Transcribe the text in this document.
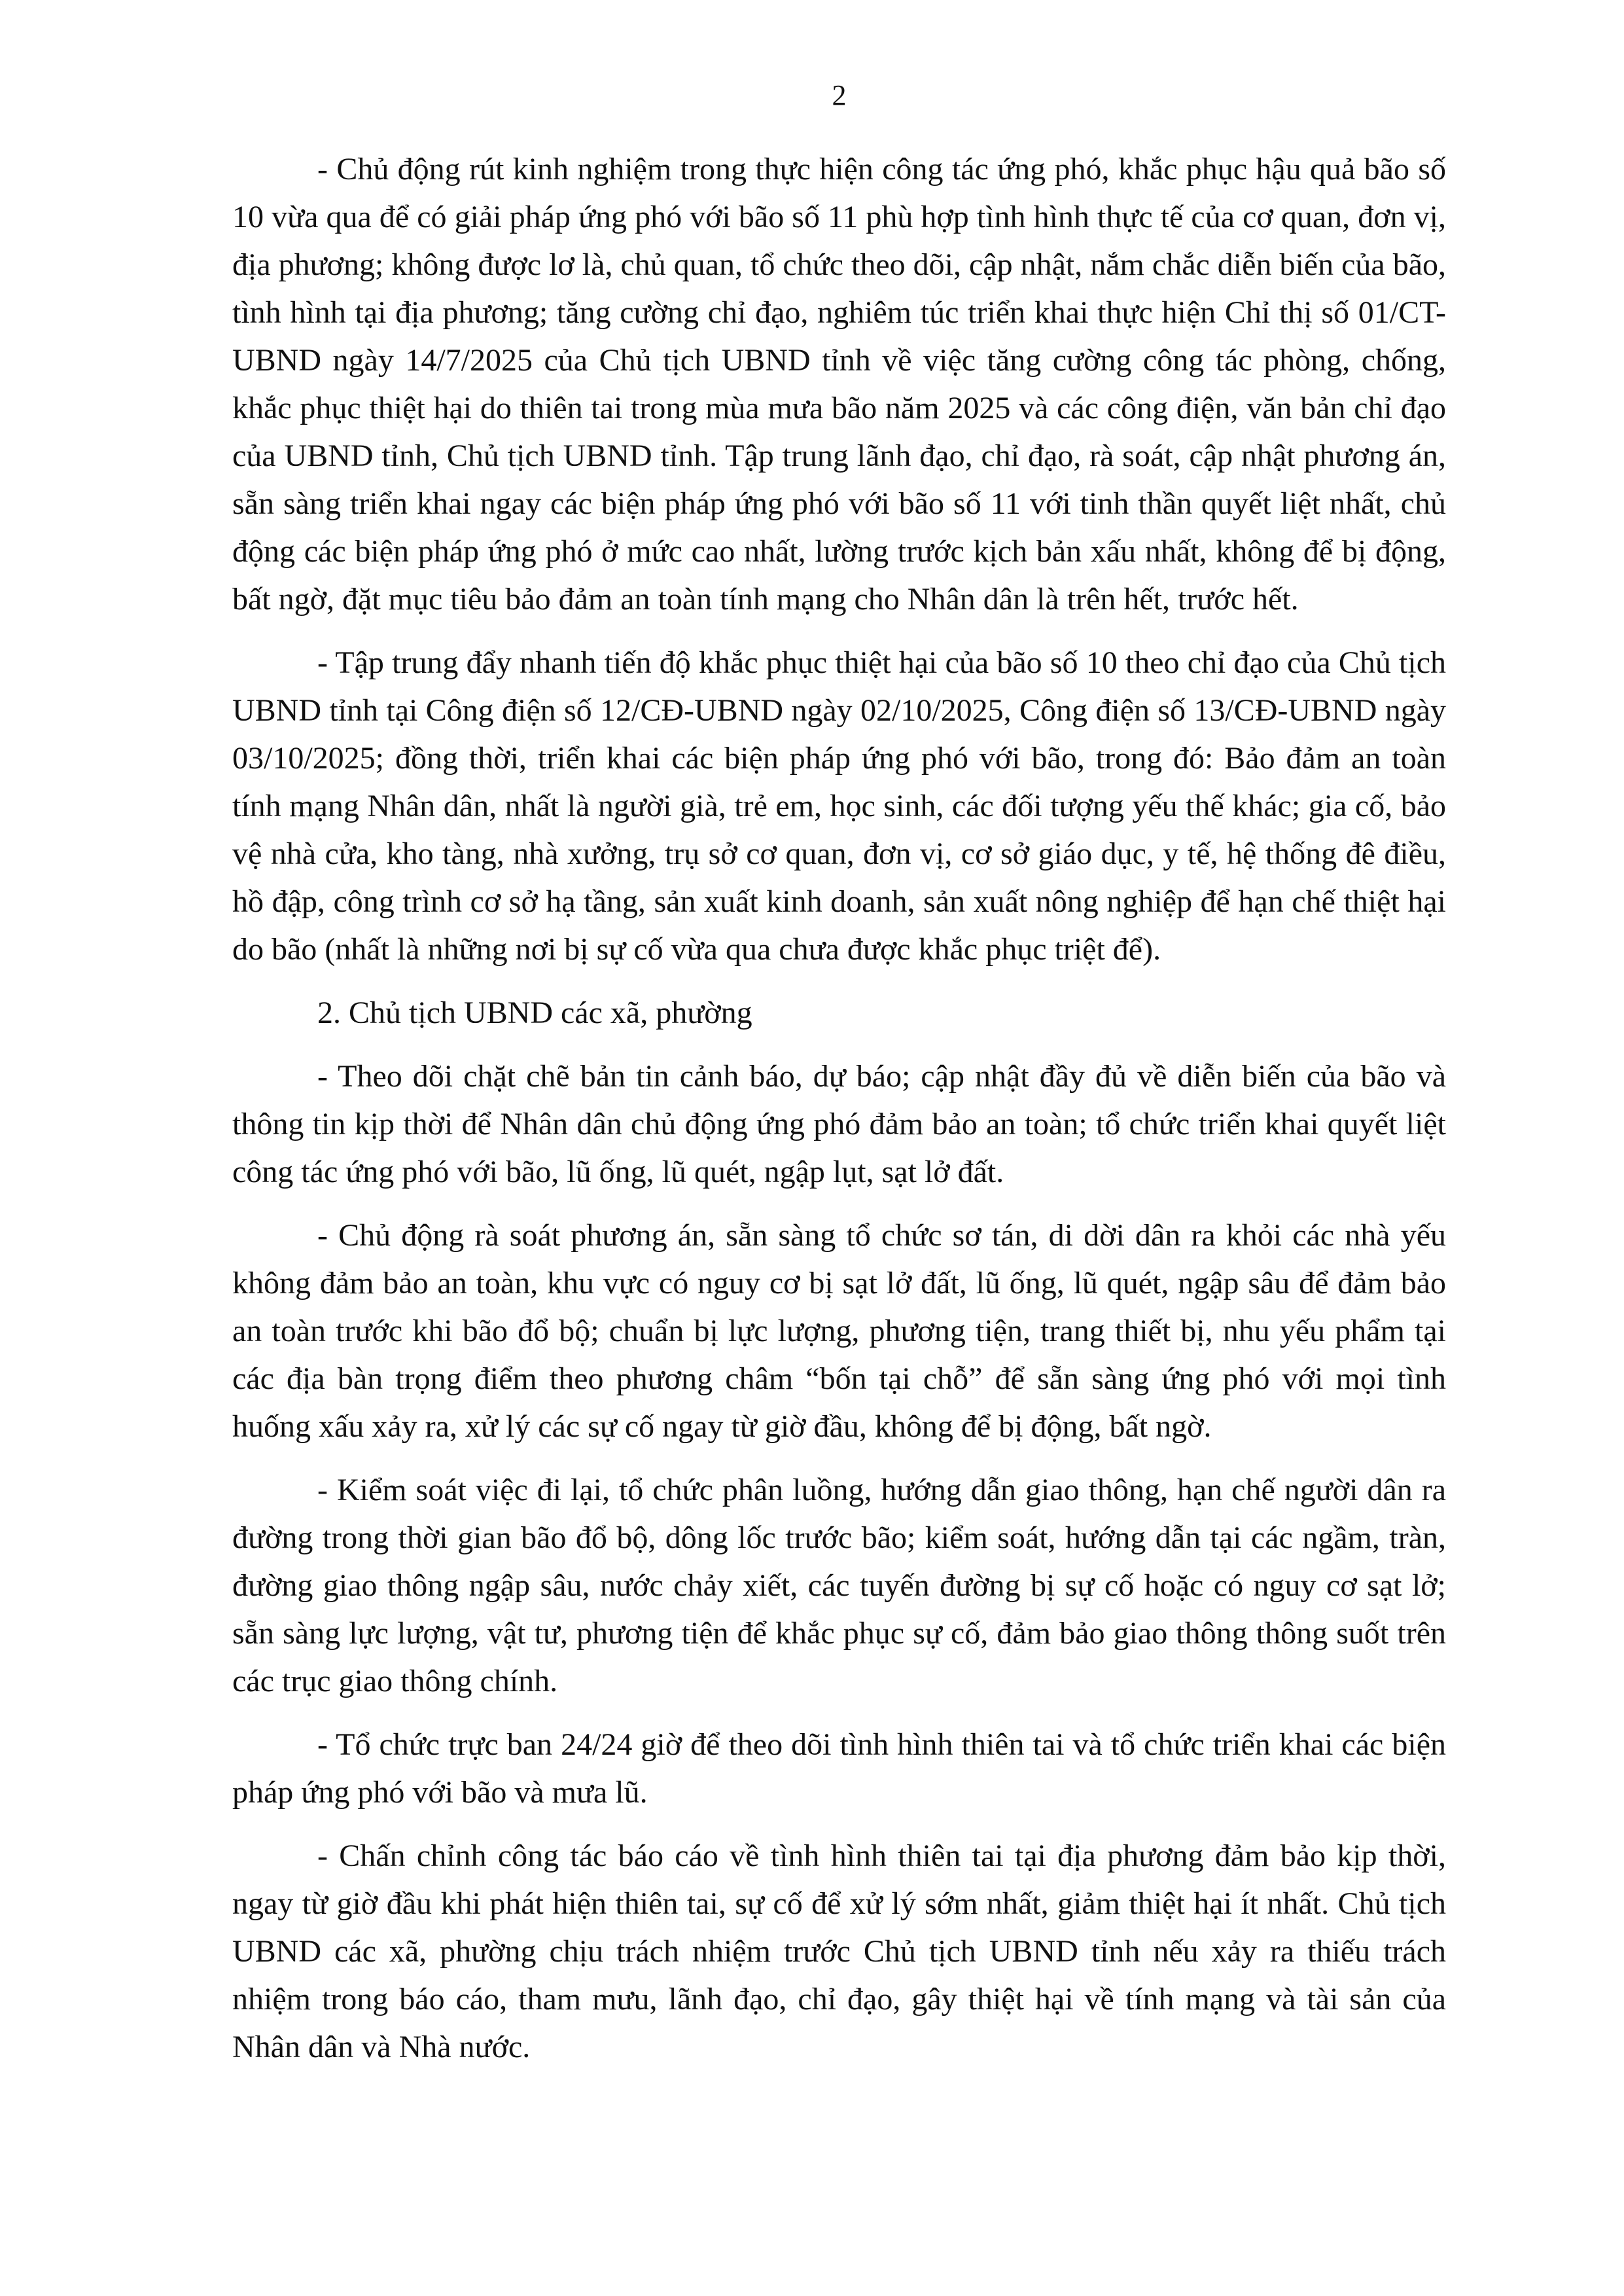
2

- Chủ động rút kinh nghiệm trong thực hiện công tác ứng phó, khắc phục hậu quả bão số 10 vừa qua để có giải pháp ứng phó với bão số 11 phù hợp tình hình thực tế của cơ quan, đơn vị, địa phương; không được lơ là, chủ quan, tổ chức theo dõi, cập nhật, nắm chắc diễn biến của bão, tình hình tại địa phương; tăng cường chỉ đạo, nghiêm túc triển khai thực hiện Chỉ thị số 01/CT-UBND ngày 14/7/2025 của Chủ tịch UBND tỉnh về việc tăng cường công tác phòng, chống, khắc phục thiệt hại do thiên tai trong mùa mưa bão năm 2025 và các công điện, văn bản chỉ đạo của UBND tỉnh, Chủ tịch UBND tỉnh. Tập trung lãnh đạo, chỉ đạo, rà soát, cập nhật phương án, sẵn sàng triển khai ngay các biện pháp ứng phó với bão số 11 với tinh thần quyết liệt nhất, chủ động các biện pháp ứng phó ở mức cao nhất, lường trước kịch bản xấu nhất, không để bị động, bất ngờ, đặt mục tiêu bảo đảm an toàn tính mạng cho Nhân dân là trên hết, trước hết.

- Tập trung đẩy nhanh tiến độ khắc phục thiệt hại của bão số 10 theo chỉ đạo của Chủ tịch UBND tỉnh tại Công điện số 12/CĐ-UBND ngày 02/10/2025, Công điện số 13/CĐ-UBND ngày 03/10/2025; đồng thời, triển khai các biện pháp ứng phó với bão, trong đó: Bảo đảm an toàn tính mạng Nhân dân, nhất là người già, trẻ em, học sinh, các đối tượng yếu thế khác; gia cố, bảo vệ nhà cửa, kho tàng, nhà xưởng, trụ sở cơ quan, đơn vị, cơ sở giáo dục, y tế, hệ thống đê điều, hồ đập, công trình cơ sở hạ tầng, sản xuất kinh doanh, sản xuất nông nghiệp để hạn chế thiệt hại do bão (nhất là những nơi bị sự cố vừa qua chưa được khắc phục triệt để).

2. Chủ tịch UBND các xã, phường

- Theo dõi chặt chẽ bản tin cảnh báo, dự báo; cập nhật đầy đủ về diễn biến của bão và thông tin kịp thời để Nhân dân chủ động ứng phó đảm bảo an toàn; tổ chức triển khai quyết liệt công tác ứng phó với bão, lũ ống, lũ quét, ngập lụt, sạt lở đất.

- Chủ động rà soát phương án, sẵn sàng tổ chức sơ tán, di dời dân ra khỏi các nhà yếu không đảm bảo an toàn, khu vực có nguy cơ bị sạt lở đất, lũ ống, lũ quét, ngập sâu để đảm bảo an toàn trước khi bão đổ bộ; chuẩn bị lực lượng, phương tiện, trang thiết bị, nhu yếu phẩm tại các địa bàn trọng điểm theo phương châm “bốn tại chỗ” để sẵn sàng ứng phó với mọi tình huống xấu xảy ra, xử lý các sự cố ngay từ giờ đầu, không để bị động, bất ngờ.

- Kiểm soát việc đi lại, tổ chức phân luồng, hướng dẫn giao thông, hạn chế người dân ra đường trong thời gian bão đổ bộ, dông lốc trước bão; kiểm soát, hướng dẫn tại các ngầm, tràn, đường giao thông ngập sâu, nước chảy xiết, các tuyến đường bị sự cố hoặc có nguy cơ sạt lở; sẵn sàng lực lượng, vật tư, phương tiện để khắc phục sự cố, đảm bảo giao thông thông suốt trên các trục giao thông chính.

- Tổ chức trực ban 24/24 giờ để theo dõi tình hình thiên tai và tổ chức triển khai các biện pháp ứng phó với bão và mưa lũ.

- Chấn chỉnh công tác báo cáo về tình hình thiên tai tại địa phương đảm bảo kịp thời, ngay từ giờ đầu khi phát hiện thiên tai, sự cố để xử lý sớm nhất, giảm thiệt hại ít nhất. Chủ tịch UBND các xã, phường chịu trách nhiệm trước Chủ tịch UBND tỉnh nếu xảy ra thiếu trách nhiệm trong báo cáo, tham mưu, lãnh đạo, chỉ đạo, gây thiệt hại về tính mạng và tài sản của Nhân dân và Nhà nước.
